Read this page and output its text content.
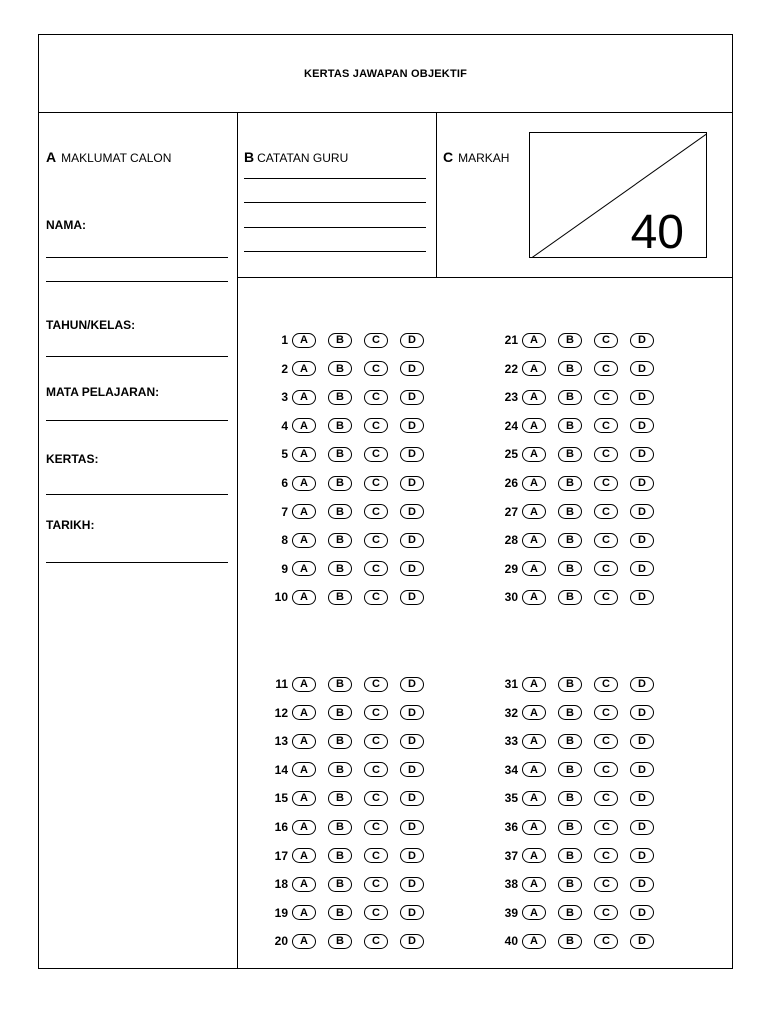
KERTAS JAWAPAN OBJEKTIF
A MAKLUMAT CALON
NAMA:
TAHUN/KELAS:
MATA PELAJARAN:
KERTAS:
TARIKH:
B CATATAN GURU	C MARKAH
40
1	A	B	C	D
2	A	B	C	D
3	A	B	C	D
4	A	B	C	D
5	A	B	C	D
6	A	B	C	D
7	A	B	C	D
8	A	B	C	D
9	A	B	C	D
10	A	B	C	D
11	A	B	C	D
12	A	B	C	D
13	A	B	C	D
14	A	B	C	D
15	A	B	C	D
16	A	B	C	D
17	A	B	C	D
18	A	B	C	D
19	A	B	C	D
20	A	B	C	D
21	A	B	C	D
22	A	B	C	D
23	A	B	C	D
24	A	B	C	D
25	A	B	C	D
26	A	B	C	D
27	A	B	C	D
28	A	B	C	D
29	A	B	C	D
30	A	B	C	D
31	A	B	C	D
32	A	B	C	D
33	A	B	C	D
34	A	B	C	D
35	A	B	C	D
36	A	B	C	D
37	A	B	C	D
38	A	B	C	D
39	A	B	C	D
40	A	B	C	D
